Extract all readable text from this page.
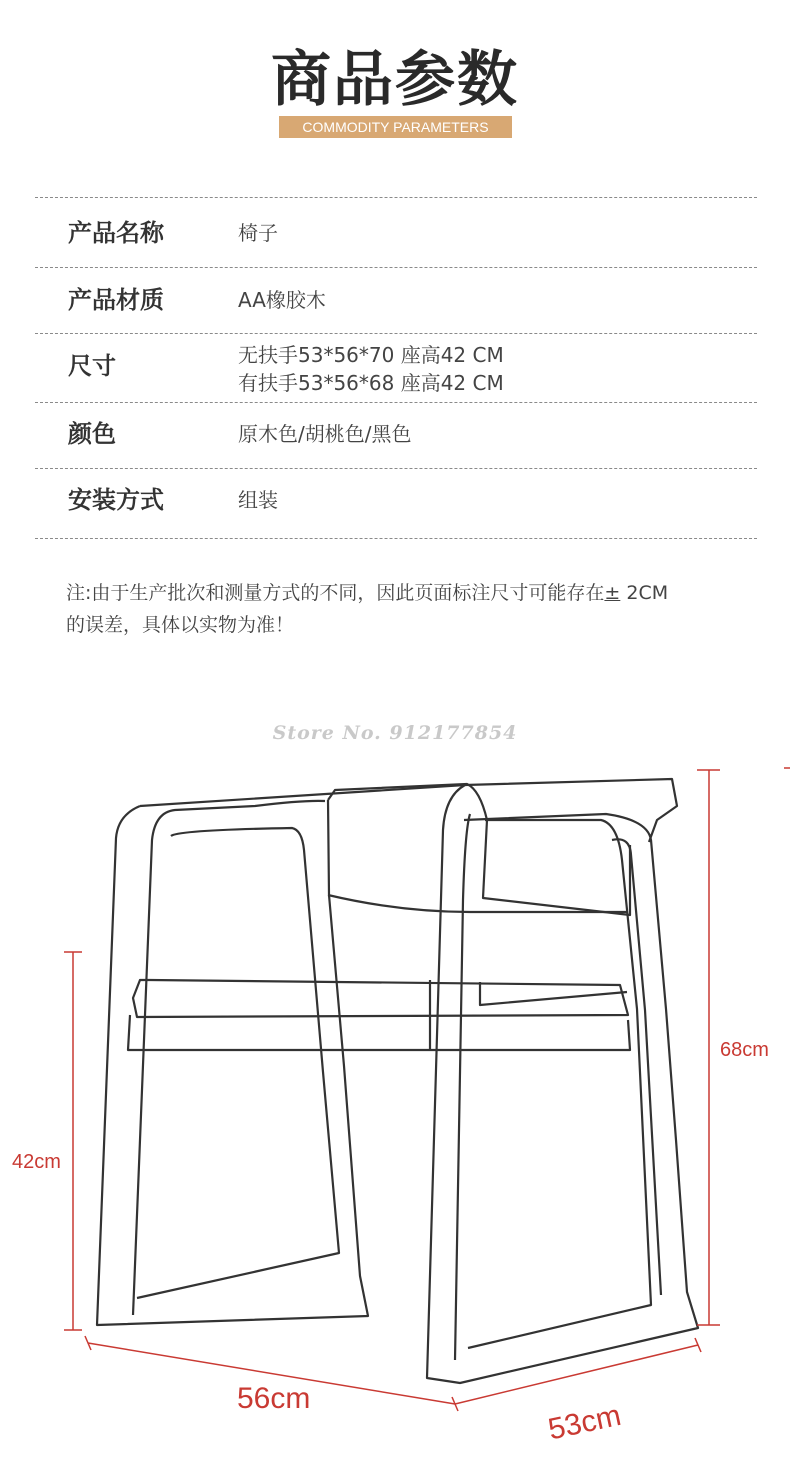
商品参数
COMMODITY PARAMETERS
产品名称	椅子
产品材质	AA橡胶木
尺寸	无扶手53*56*70 座高42 CM
有扶手53*56*68 座高42 CM
颜色	原木色/胡桃色/黑色
安装方式	组装
注:由于生产批次和测量方式的不同，因此页面标注尺寸可能存在± 2CM
的误差，具体以实物为准！
Store No. 912177854
42cm
68cm
56cm
53cm
